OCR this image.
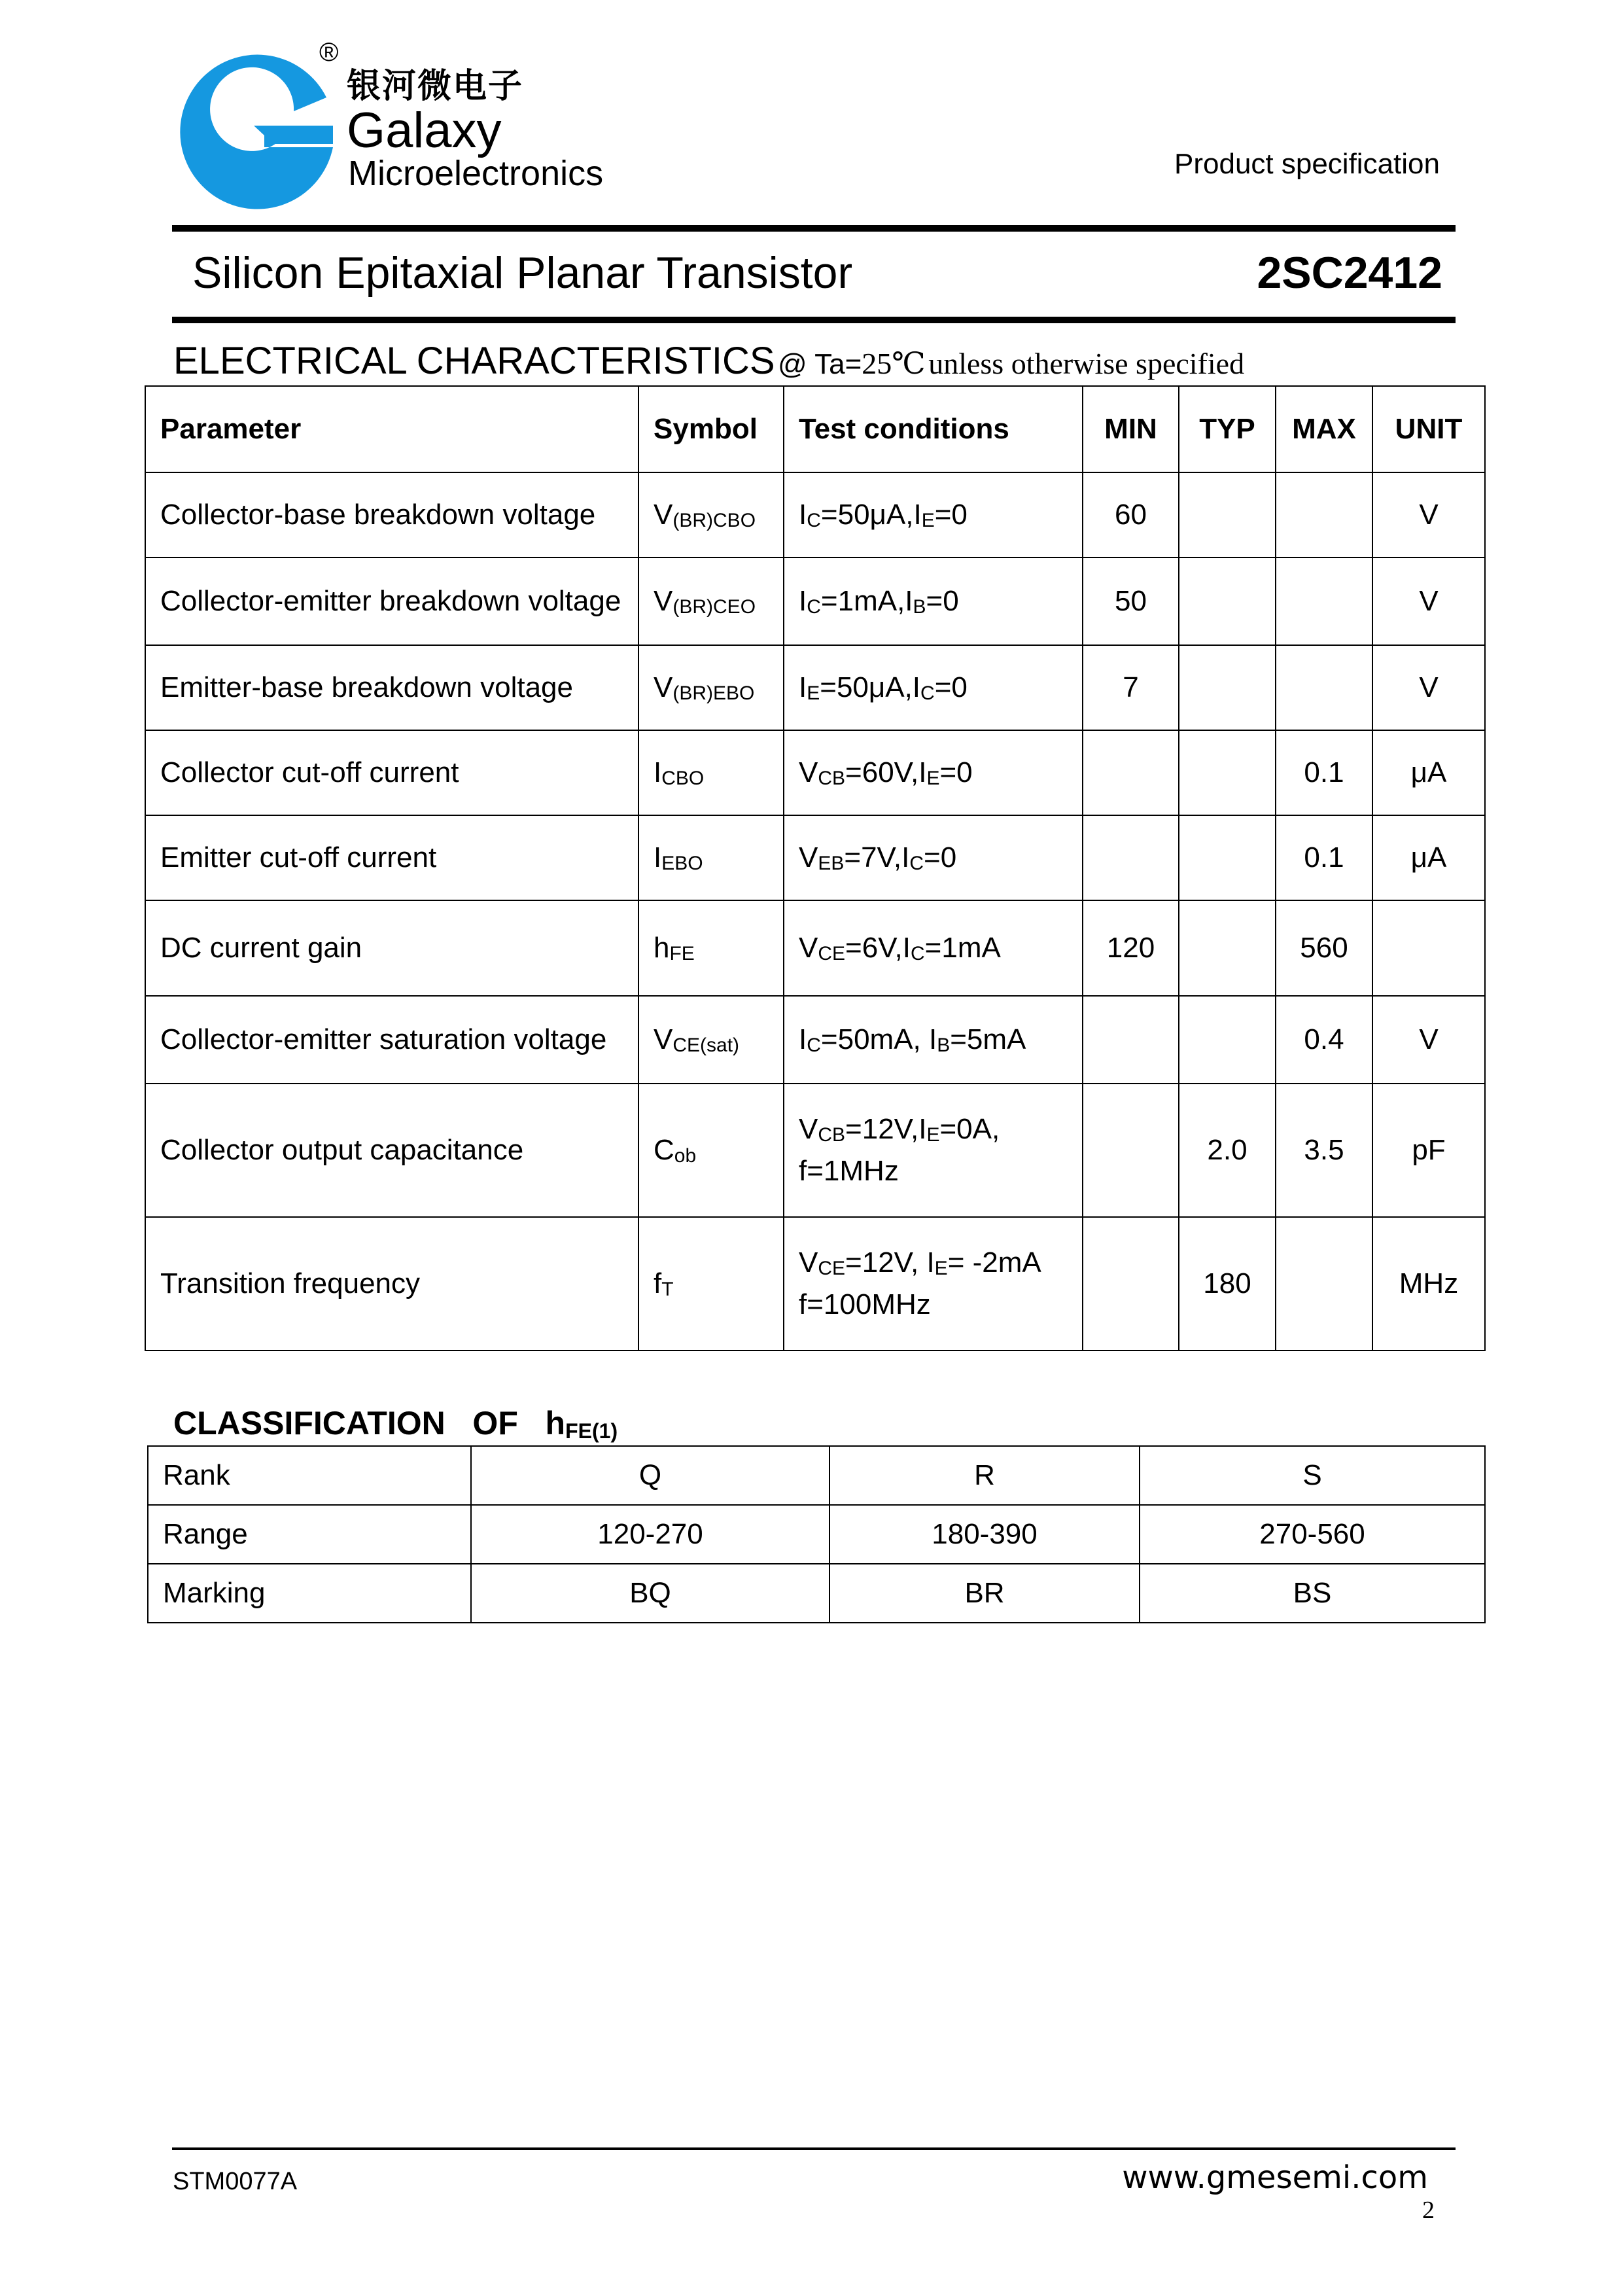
®
银河微电子
Galaxy
Microelectronics	Product specification
Silicon Epitaxial Planar Transistor	2SC2412
ELECTRICAL CHARACTERISTICS @ Ta=25℃ unless otherwise specified
Parameter	Symbol	Test conditions	MIN	TYP	MAX	UNIT
Collector-base breakdown voltage	$V_{(BR)CBO}$	$I_C=50\mu A,I_E=0$	60			V
Collector-emitter breakdown voltage	$V_{(BR)CEO}$	$I_C=1mA,I_B=0$	50			V
Emitter-base breakdown voltage	$V_{(BR)EBO}$	$I_E=50\mu A,I_C=0$	7			V
Collector cut-off current	$I_{CBO}$	$V_{CB}=60V,I_E=0$			0.1	μA
Emitter cut-off current	$I_{EBO}$	$V_{EB}=7V,I_C=0$			0.1	μA
DC current gain	$h_{FE}$	$V_{CE}=6V,I_C=1mA$	120		560	
Collector-emitter saturation voltage	$V_{CE(sat)}$	$I_C=50mA$, $I_B=5mA$			0.4	V
Collector output capacitance	$C_{ob}$	$V_{CB}=12V,I_E=0A$,
f=1MHz		2.0	3.5	pF
Transition frequency	$f_T$	$V_{CE}=12V$, $I_E= -2mA$
f=100MHz		180		MHz
CLASSIFICATION OF $h_{FE(1)}$
Rank	Q	R	S
Range	120-270	180-390	270-560
Marking	BQ	BR	BS
STM0077A	www.gmesemi.com
2
